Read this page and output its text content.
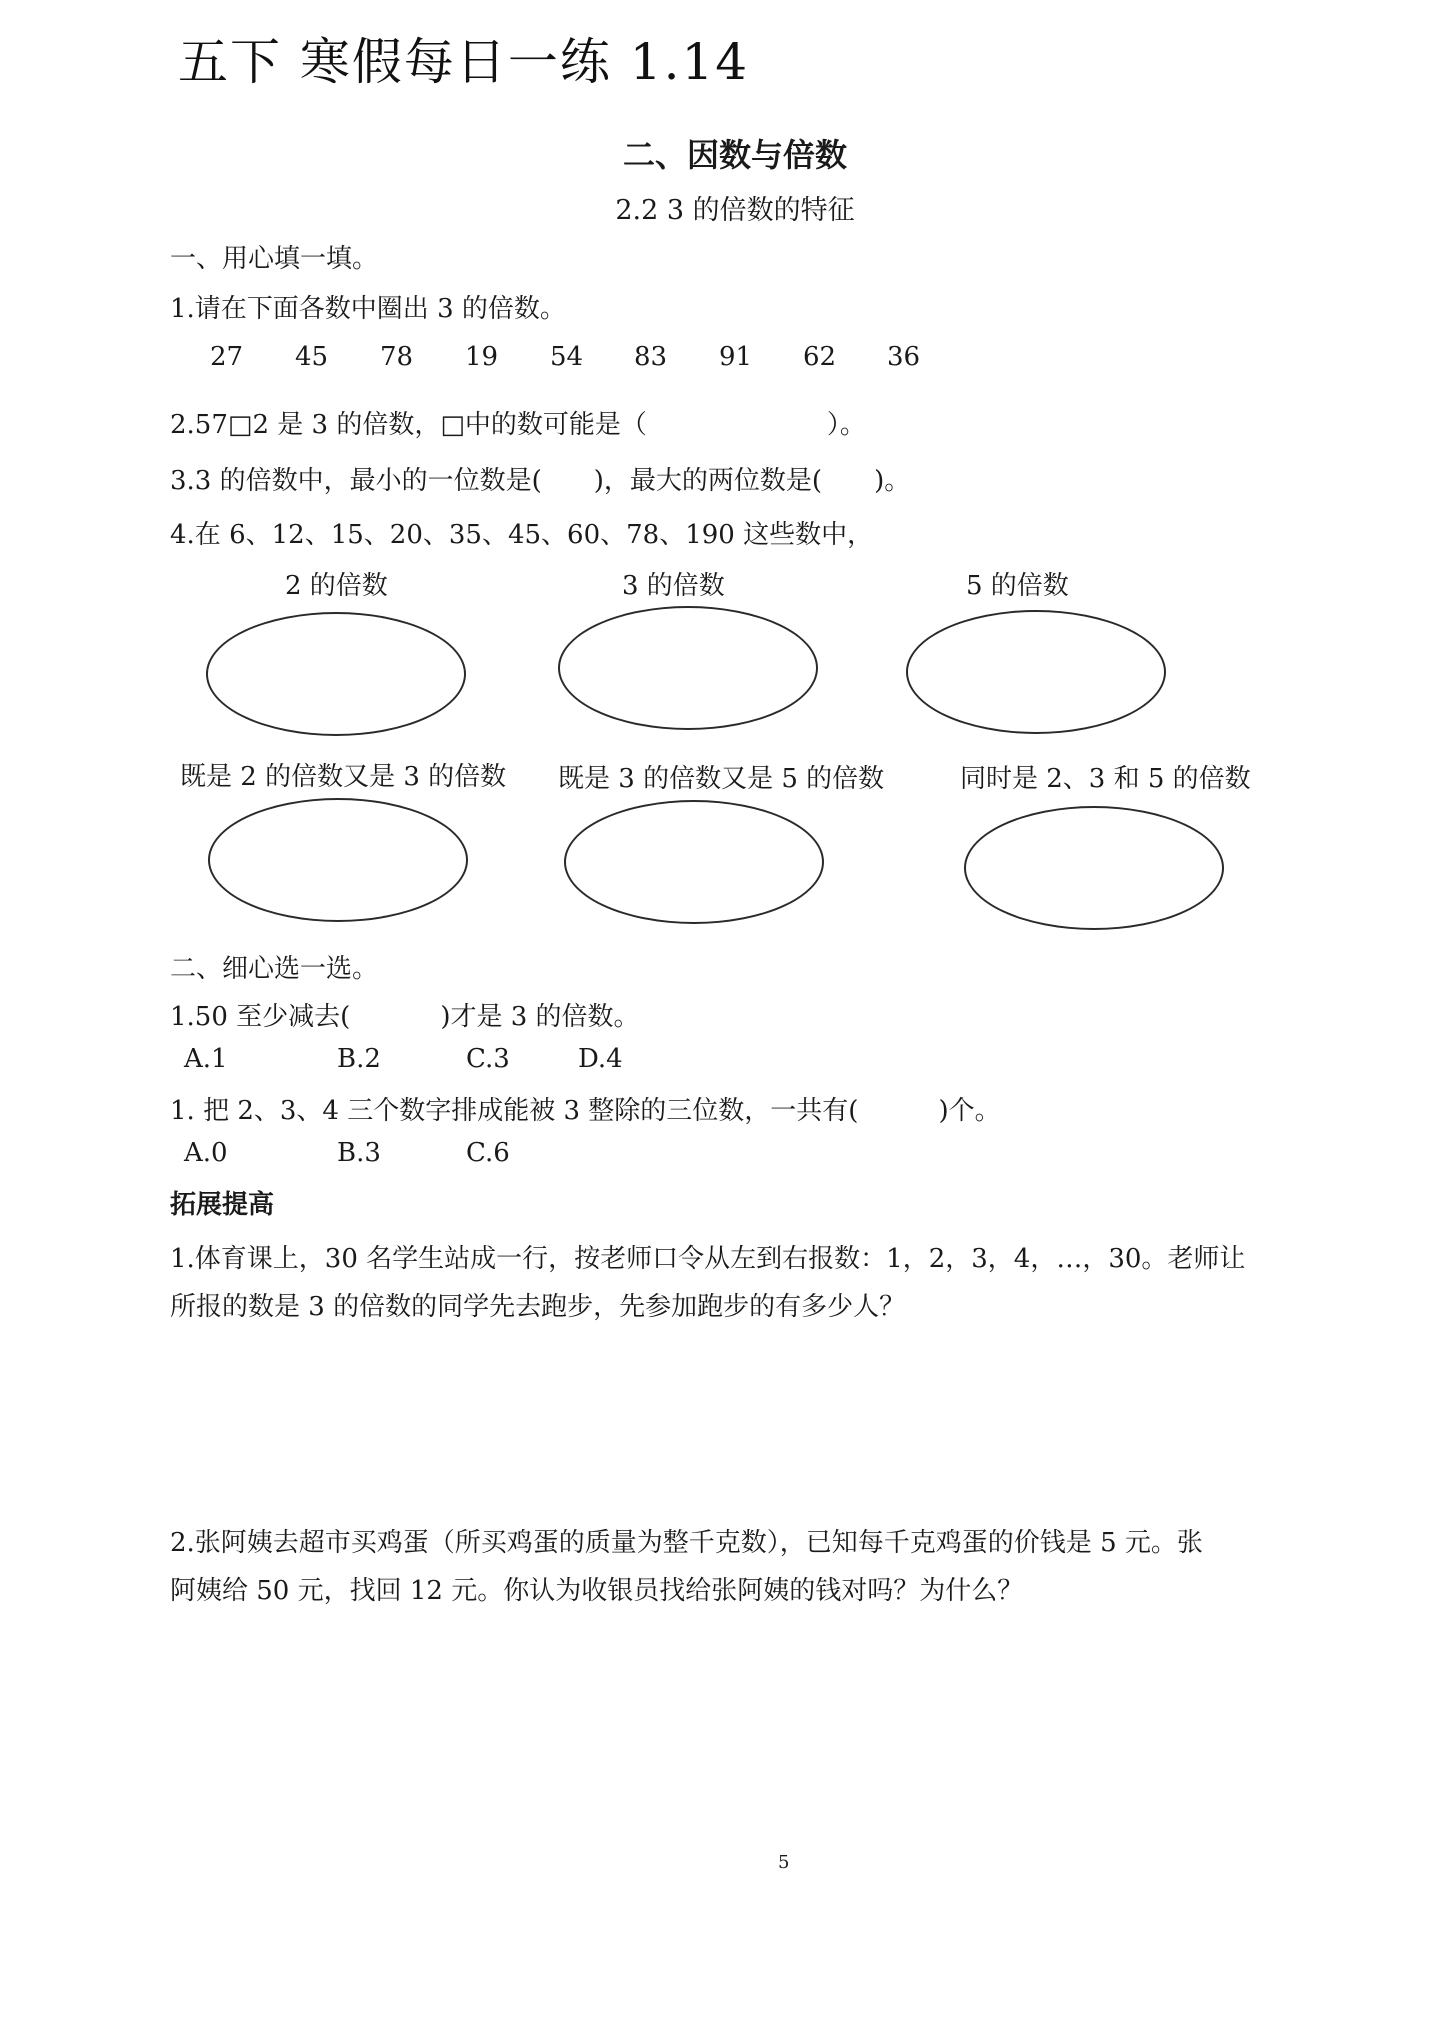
五下 寒假每日一练 1.14
二、因数与倍数
2.2 3 的倍数的特征
一、用心填一填。
1.请在下面各数中圈出 3 的倍数。
27 45 78 19 54 83 91 62 36
2.57□2 是 3 的倍数，□中的数可能是（	）。
3.3 的倍数中，最小的一位数是( )，最大的两位数是( )。
4.在 6、12、15、20、35、45、60、78、190 这些数中，
2 的倍数	3 的倍数	5 的倍数
既是 2 的倍数又是 3 的倍数 既是 3 的倍数又是 5 的倍数	同时是 2、3 和 5 的倍数
二、细心选一选。
1.50 至少减去(	)才是 3 的倍数。
A.1	B.2	C.3	D.4
1. 把 2、3、4 三个数字排成能被 3 整除的三位数，一共有(	)个。
A.0	B.3	C.6
拓展提高
1.体育课上，30 名学生站成一行，按老师口令从左到右报数：1，2，3，4，…，30。老师让
所报的数是 3 的倍数的同学先去跑步，先参加跑步的有多少人？
2.张阿姨去超市买鸡蛋（所买鸡蛋的质量为整千克数），已知每千克鸡蛋的价钱是 5 元。张
阿姨给 50 元，找回 12 元。你认为收银员找给张阿姨的钱对吗？为什么？
5
